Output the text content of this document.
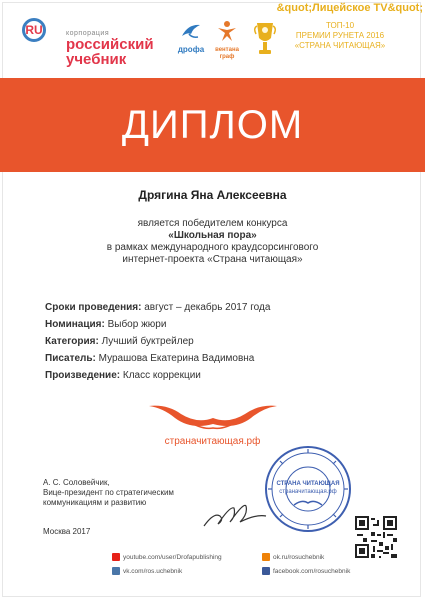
RU	корпорация
российский
учебник
дрофа	вентана
граф
&quot;Лицейское TV&quot;
ТОП-10
ПРЕМИИ РУНЕТА 2016
«СТРАНА ЧИТАЮЩАЯ»
ДИПЛОМ
Дрягина Яна Алексеевна
является победителем конкурса
«Школьная пора»
в рамках международного краудсорсингового
интернет-проекта «Страна читающая»
Сроки проведения: август – декабрь 2017 года
Номинация: Выбор жюри
Категория: Лучший буктрейлер
Писатель: Мурашова Екатерина Вадимовна
Произведение: Класс коррекции
страначитающая.рф
А. С. Соловейчик,
Вице-президент по стратегическим
коммуникациям и развитию
Москва 2017
СТРАНА ЧИТАЮЩАЯ
страначитающая.рф
youtube.com/user/Drofapublishing	ok.ru/rosuchebnik
vk.com/ros.uchebnik	facebook.com/rosuchebnik
